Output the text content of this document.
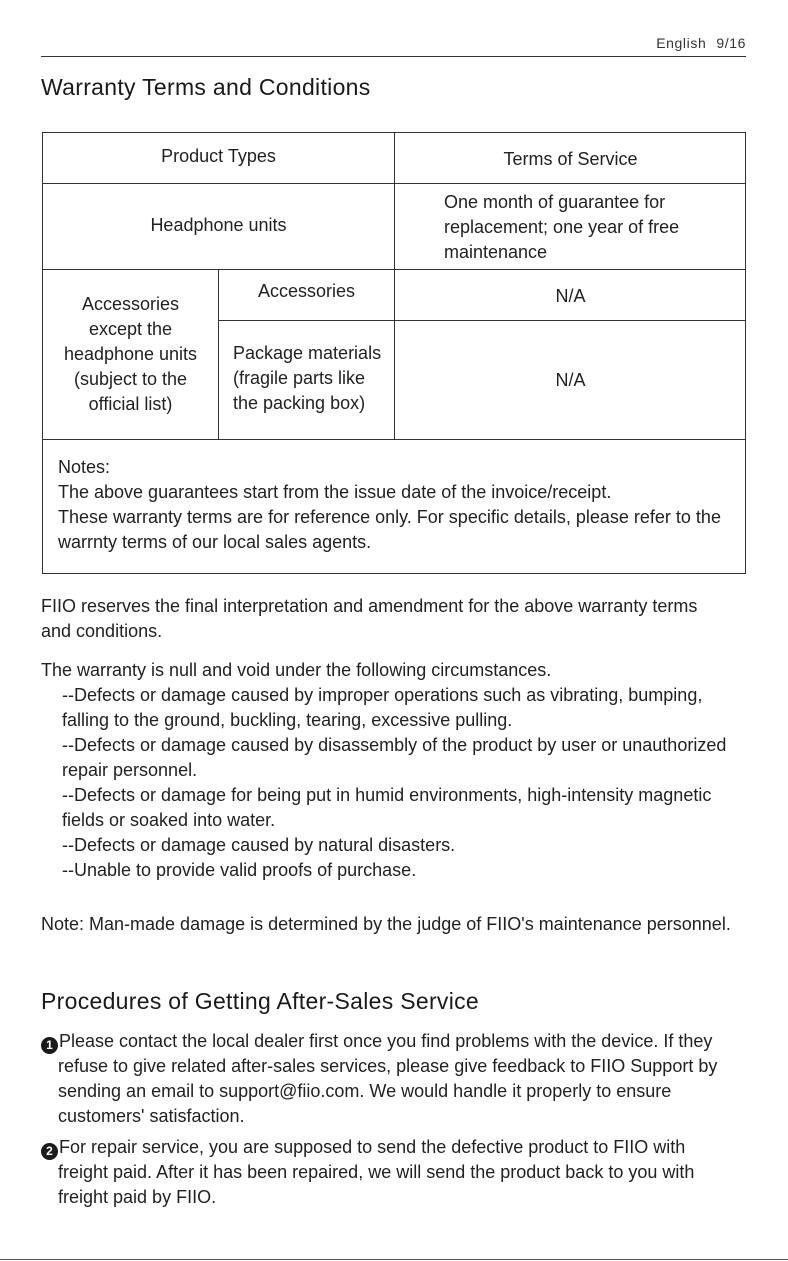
English 9/16
Warranty Terms and Conditions
Product Types	Terms of Service
Headphone units
One month of guarantee for
replacement; one year of free
maintenance
Accessories
except the
headphone units
(subject to the
official list)
Accessories	N/A
Package materials
(fragile parts like
the packing box)
N/A
Notes:
The above guarantees start from the issue date of the invoice/receipt.
These warranty terms are for reference only. For specific details, please refer to the
warrnty terms of our local sales agents.
FIIO reserves the final interpretation and amendment for the above warranty terms
and conditions.
The warranty is null and void under the following circumstances.
--Defects or damage caused by improper operations such as vibrating, bumping,
falling to the ground, buckling, tearing, excessive pulling.
--Defects or damage caused by disassembly of the product by user or unauthorized
repair personnel.
--Defects or damage for being put in humid environments, high-intensity magnetic
fields or soaked into water.
--Defects or damage caused by natural disasters.
--Unable to provide valid proofs of purchase.
Note: Man-made damage is determined by the judge of FIIO's maintenance personnel.
Procedures of Getting After-Sales Service
1 Please contact the local dealer first once you find problems with the device. If they
refuse to give related after-sales services, please give feedback to FIIO Support by
sending an email to support@fiio.com. We would handle it properly to ensure
customers' satisfaction.
2 For repair service, you are supposed to send the defective product to FIIO with
freight paid. After it has been repaired, we will send the product back to you with
freight paid by FIIO.
